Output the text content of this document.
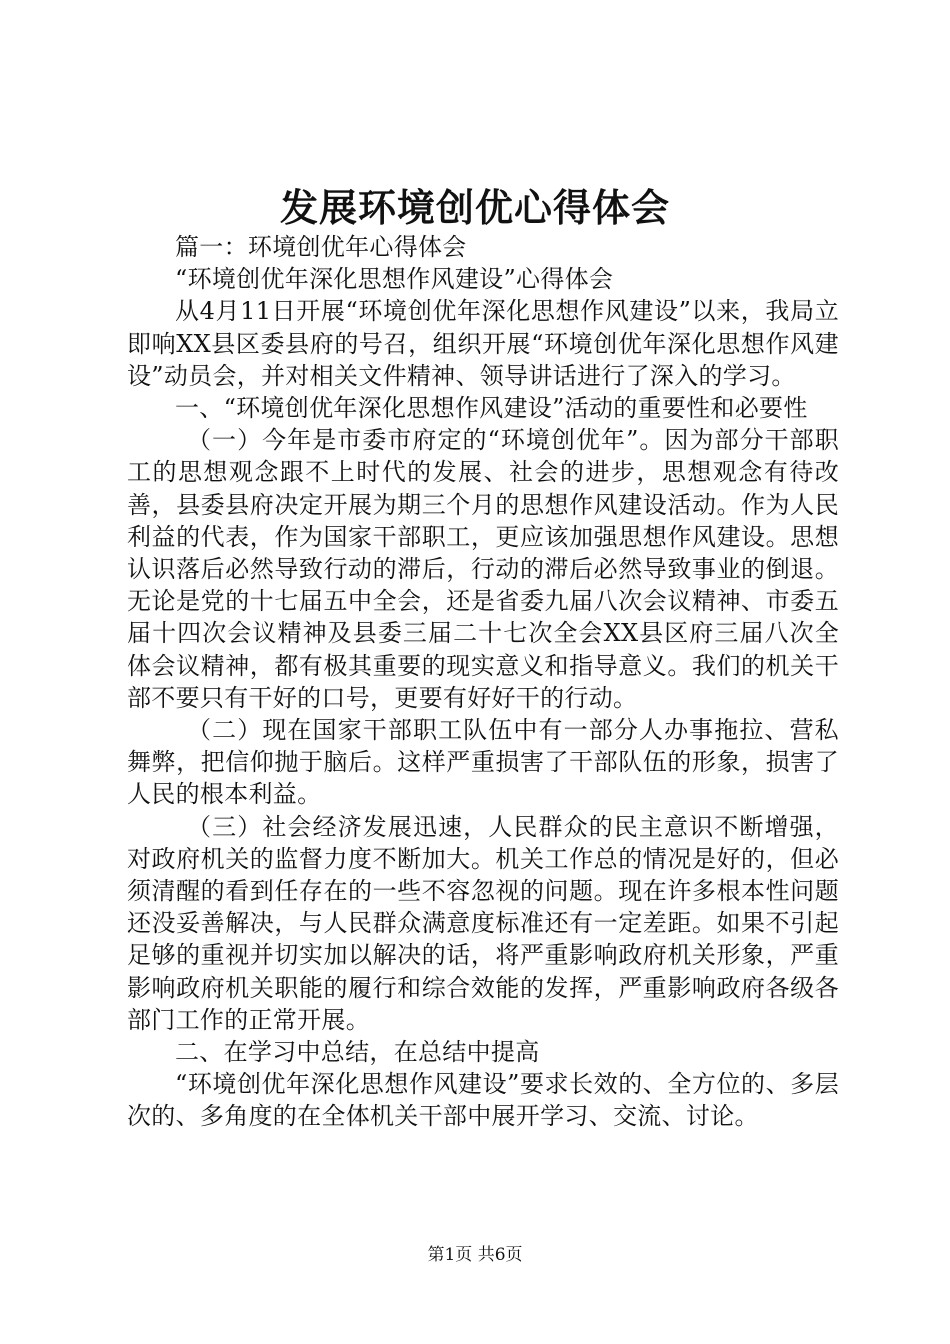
发展环境创优心得体会

篇一：环境创优年心得体会

“环境创优年深化思想作风建设”心得体会

从4月11日开展“环境创优年深化思想作风建设”以来，我局立即响XX县区委县府的号召，组织开展“环境创优年深化思想作风建设”动员会，并对相关文件精神、领导讲话进行了深入的学习。

一、“环境创优年深化思想作风建设”活动的重要性和必要性

（一）今年是市委市府定的“环境创优年”。因为部分干部职工的思想观念跟不上时代的发展、社会的进步，思想观念有待改善，县委县府决定开展为期三个月的思想作风建设活动。作为人民利益的代表，作为国家干部职工，更应该加强思想作风建设。思想认识落后必然导致行动的滞后，行动的滞后必然导致事业的倒退。无论是党的十七届五中全会，还是省委九届八次会议精神、市委五届十四次会议精神及县委三届二十七次全会XX县区府三届八次全体会议精神，都有极其重要的现实意义和指导意义。我们的机关干部不要只有干好的口号，更要有好好干的行动。

（二）现在国家干部职工队伍中有一部分人办事拖拉、营私舞弊，把信仰抛于脑后。这样严重损害了干部队伍的形象，损害了人民的根本利益。

（三）社会经济发展迅速，人民群众的民主意识不断增强，对政府机关的监督力度不断加大。机关工作总的情况是好的，但必须清醒的看到任存在的一些不容忽视的问题。现在许多根本性问题还没妥善解决，与人民群众满意度标准还有一定差距。如果不引起足够的重视并切实加以解决的话，将严重影响政府机关形象，严重影响政府机关职能的履行和综合效能的发挥，严重影响政府各级各部门工作的正常开展。

二、在学习中总结，在总结中提高

“环境创优年深化思想作风建设”要求长效的、全方位的、多层次的、多角度的在全体机关干部中展开学习、交流、讨论。

第1页 共6页
